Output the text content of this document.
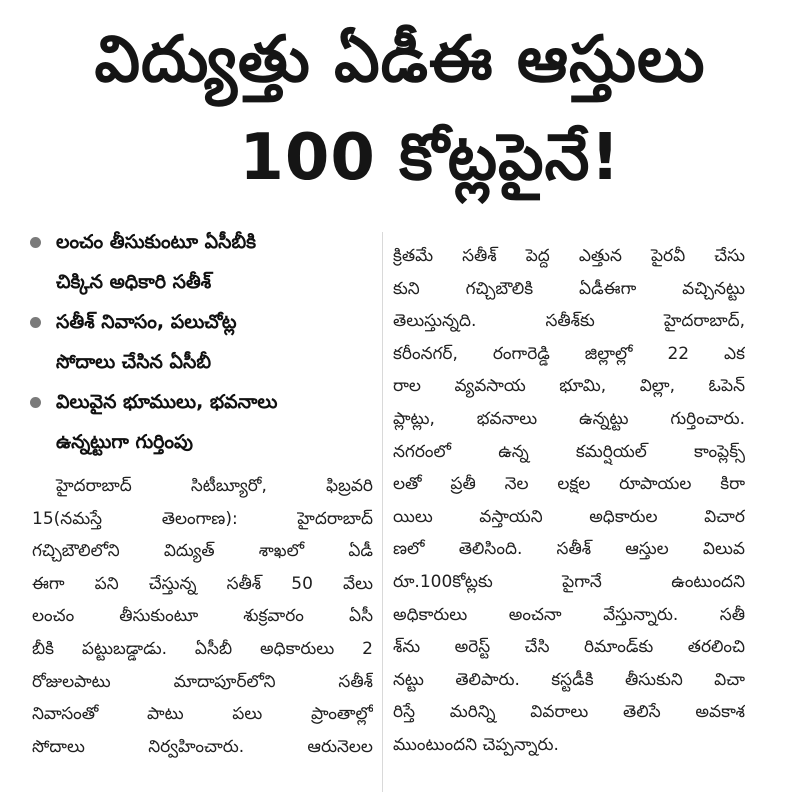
విద్యుత్తు ఏడీఈ ఆస్తులు
100 కోట్లపైనే!
లంచం తీసుకుంటూ ఏసీబీకి
చిక్కిన అధికారి సతీశ్
సతీశ్ నివాసం, పలుచోట్ల
సోదాలు చేసిన ఏసీబీ
విలువైన భూములు, భవనాలు
ఉన్నట్టుగా గుర్తింపు

హైదరాబాద్ సిటీబ్యూరో, ఫిబ్రవరి
15(నమస్తే తెలంగాణ): హైదరాబాద్
గచ్చిబౌలిలోని విద్యుత్ శాఖలో ఏడీ
ఈగా పని చేస్తున్న సతీశ్ 50 వేలు
లంచం తీసుకుంటూ శుక్రవారం ఏసీ
బీకి పట్టుబడ్డాడు. ఏసీబీ అధికారులు 2
రోజులపాటు మాదాపూర్‌లోని సతీశ్
నివాసంతో పాటు పలు ప్రాంతాల్లో
సోదాలు నిర్వహించారు. ఆరునెలల

క్రితమే సతీశ్ పెద్ద ఎత్తున పైరవీ చేసు
కుని గచ్చిబౌలికి ఏడీఈగా వచ్చినట్టు
తెలుస్తున్నది. సతీశ్‌కు హైదరాబాద్,
కరీంనగర్, రంగారెడ్డి జిల్లాల్లో 22 ఎక
రాల వ్యవసాయ భూమి, విల్లా, ఓపెన్
ప్లాట్లు, భవనాలు ఉన్నట్టు గుర్తించారు.
నగరంలో ఉన్న కమర్షియల్ కాంప్లెక్స్
లతో ప్రతీ నెల లక్షల రూపాయల కిరా
యిలు వస్తాయని అధికారుల విచార
ణలో తెలిసింది. సతీశ్ ఆస్తుల విలువ
రూ.100కోట్లకు పైగానే ఉంటుందని
అధికారులు అంచనా వేస్తున్నారు. సతీ
శ్‌ను అరెస్ట్ చేసి రిమాండ్‌కు తరలించి
నట్టు తెలిపారు. కస్టడీకి తీసుకుని విచా
రిస్తే మరిన్ని వివరాలు తెలిసే అవకాశ
ముంటుందని చెప్పన్నారు.
